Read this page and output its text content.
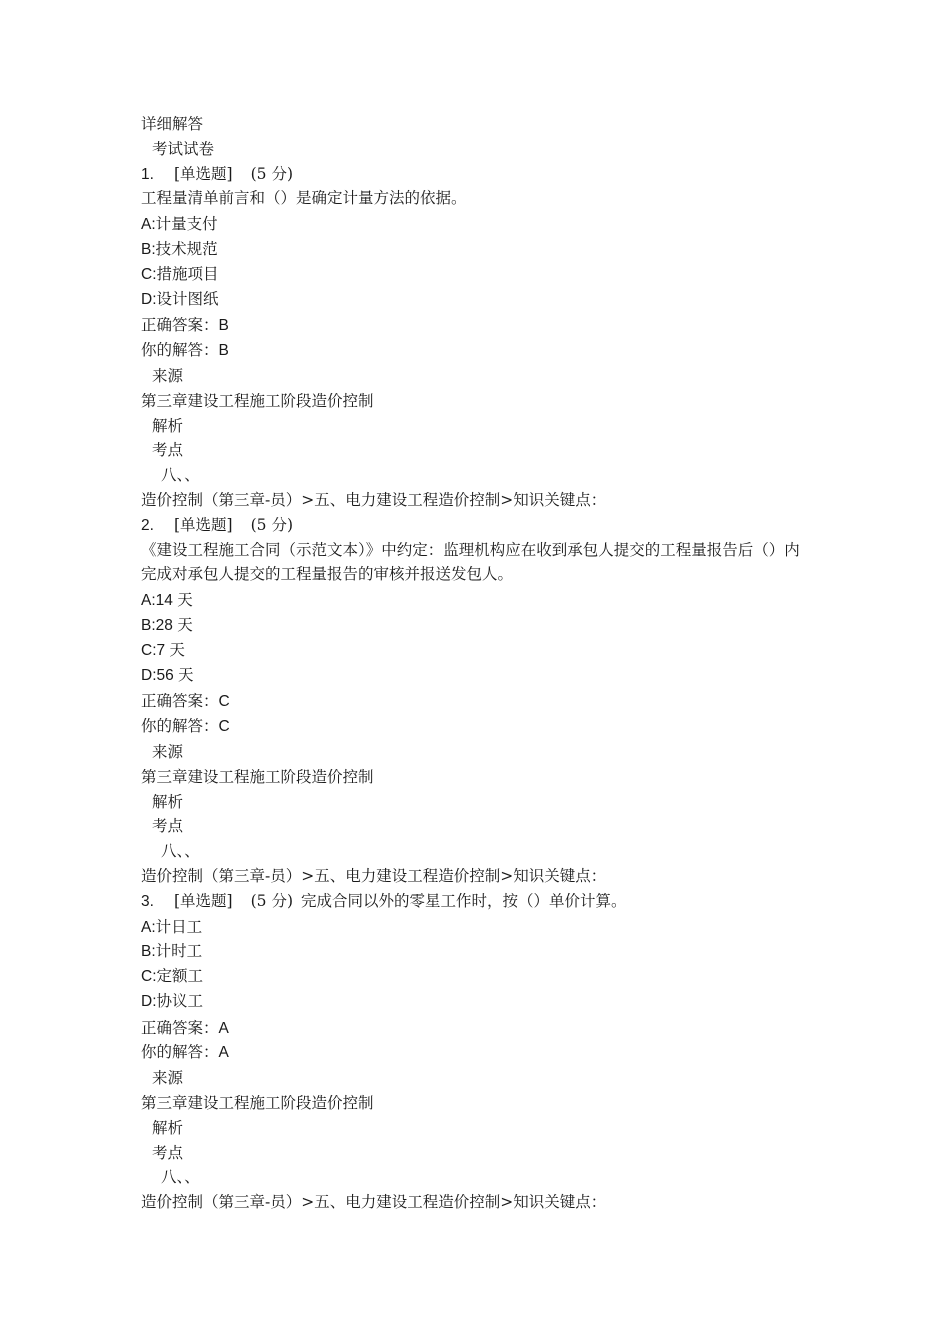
详细解答
考试试卷
1. [单选题] (5 分)
工程量清单前言和（）是确定计量方法的依据。
A:计量支付
B:技术规范
C:措施项目
D:设计图纸
正确答案：B
你的解答：B
来源
第三章建设工程施工阶段造价控制
解析
考点
八、、
造价控制（第三章-员）>五、电力建设工程造价控制>知识关键点：
2. [单选题] (5 分)
《建设工程施工合同（示范文本）》中约定：监理机构应在收到承包人提交的工程量报告后（）内完成对承包人提交的工程量报告的审核并报送发包人。
A:14 天
B:28 天
C:7 天
D:56 天
正确答案：C
你的解答：C
来源
第三章建设工程施工阶段造价控制
解析
考点
八、、
造价控制（第三章-员）>五、电力建设工程造价控制>知识关键点：
3. [单选题] (5 分) 完成合同以外的零星工作时，按（）单价计算。
A:计日工
B:计时工
C:定额工
D:协议工
正确答案：A
你的解答：A
来源
第三章建设工程施工阶段造价控制
解析
考点
八、、
造价控制（第三章-员）>五、电力建设工程造价控制>知识关键点：
